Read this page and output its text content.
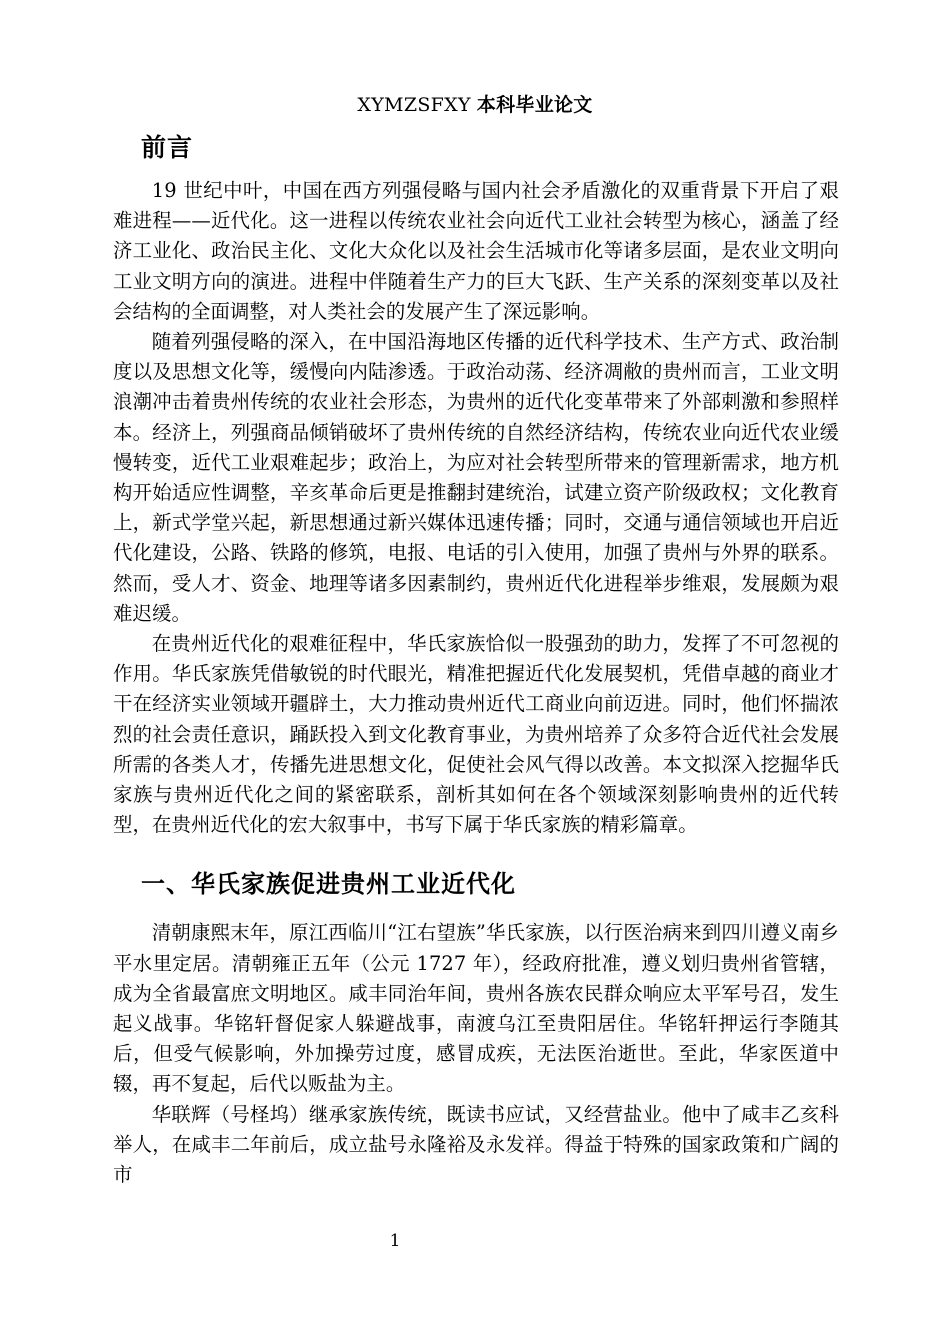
XYMZSFXY 本科毕业论文
前言

19 世纪中叶，中国在西方列强侵略与国内社会矛盾激化的双重背景下开启了艰难进程——近代化。这一进程以传统农业社会向近代工业社会转型为核心，涵盖了经济工业化、政治民主化、文化大众化以及社会生活城市化等诸多层面，是农业文明向工业文明方向的演进。进程中伴随着生产力的巨大飞跃、生产关系的深刻变革以及社会结构的全面调整，对人类社会的发展产生了深远影响。

随着列强侵略的深入，在中国沿海地区传播的近代科学技术、生产方式、政治制度以及思想文化等，缓慢向内陆渗透。于政治动荡、经济凋敝的贵州而言，工业文明浪潮冲击着贵州传统的农业社会形态，为贵州的近代化变革带来了外部刺激和参照样本。经济上，列强商品倾销破坏了贵州传统的自然经济结构，传统农业向近代农业缓慢转变，近代工业艰难起步；政治上，为应对社会转型所带来的管理新需求，地方机构开始适应性调整，辛亥革命后更是推翻封建统治，试建立资产阶级政权；文化教育上，新式学堂兴起，新思想通过新兴媒体迅速传播；同时，交通与通信领域也开启近代化建设，公路、铁路的修筑，电报、电话的引入使用，加强了贵州与外界的联系。然而，受人才、资金、地理等诸多因素制约，贵州近代化进程举步维艰，发展颇为艰难迟缓。

在贵州近代化的艰难征程中，华氏家族恰似一股强劲的助力，发挥了不可忽视的作用。华氏家族凭借敏锐的时代眼光，精准把握近代化发展契机，凭借卓越的商业才干在经济实业领域开疆辟土，大力推动贵州近代工商业向前迈进。同时，他们怀揣浓烈的社会责任意识，踊跃投入到文化教育事业，为贵州培养了众多符合近代社会发展所需的各类人才，传播先进思想文化，促使社会风气得以改善。本文拟深入挖掘华氏家族与贵州近代化之间的紧密联系，剖析其如何在各个领域深刻影响贵州的近代转型，在贵州近代化的宏大叙事中，书写下属于华氏家族的精彩篇章。

一、华氏家族促进贵州工业近代化

清朝康熙末年，原江西临川“江右望族”华氏家族，以行医治病来到四川遵义南乡平水里定居。清朝雍正五年（公元 1727 年），经政府批准，遵义划归贵州省管辖，成为全省最富庶文明地区。咸丰同治年间，贵州各族农民群众响应太平军号召，发生起义战事。华铭轩督促家人躲避战事，南渡乌江至贵阳居住。华铭轩押运行李随其后，但受气候影响，外加操劳过度，感冒成疾，无法医治逝世。至此，华家医道中辍，再不复起，后代以贩盐为主。

华联辉（号柽坞）继承家族传统，既读书应试，又经营盐业。他中了咸丰乙亥科举人，在咸丰二年前后，成立盐号永隆裕及永发祥。得益于特殊的国家政策和广阔的市

1
